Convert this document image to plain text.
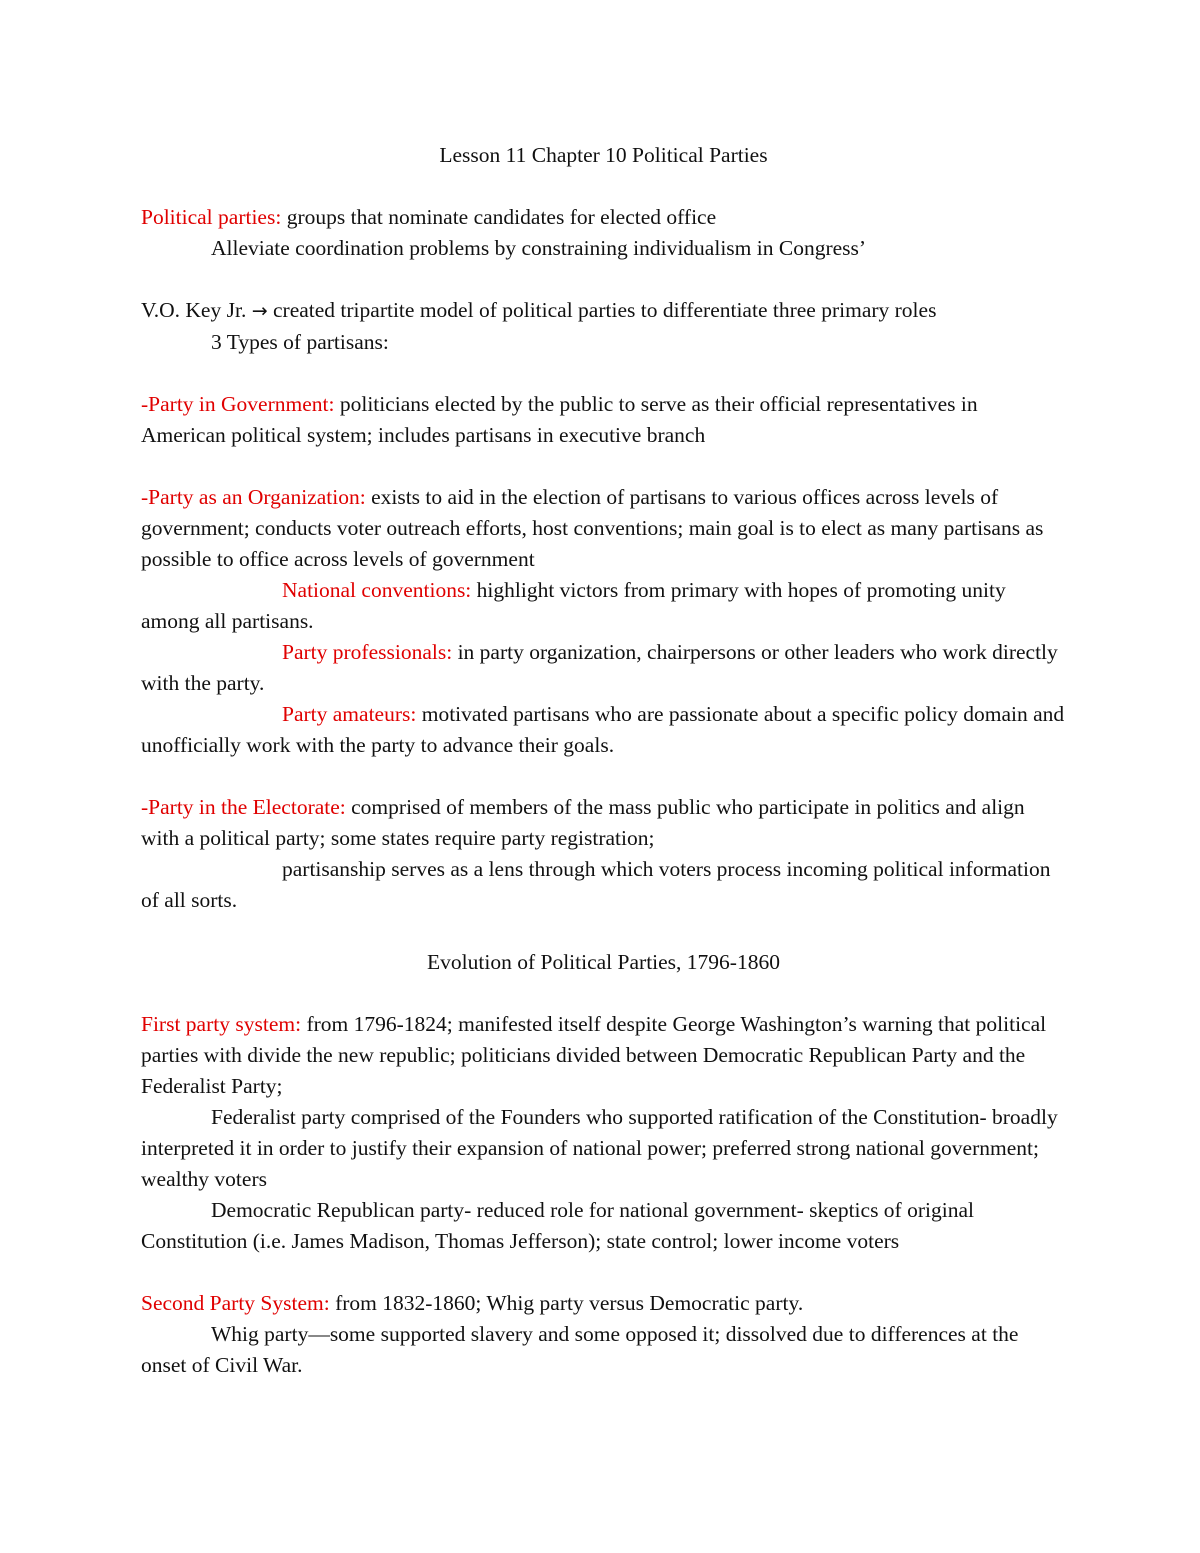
Lesson 11 Chapter 10 Political Parties

Political parties: groups that nominate candidates for elected office

Alleviate coordination problems by constraining individualism in Congress’

V.O. Key Jr. → created tripartite model of political parties to differentiate three primary roles

3 Types of partisans:

-Party in Government: politicians elected by the public to serve as their official representatives in American political system; includes partisans in executive branch

-Party as an Organization: exists to aid in the election of partisans to various offices across levels of government; conducts voter outreach efforts, host conventions; main goal is to elect as many partisans as possible to office across levels of government

National conventions: highlight victors from primary with hopes of promoting unity among all partisans.

Party professionals: in party organization, chairpersons or other leaders who work directly with the party.

Party amateurs: motivated partisans who are passionate about a specific policy domain and unofficially work with the party to advance their goals.

-Party in the Electorate: comprised of members of the mass public who participate in politics and align with a political party; some states require party registration;

partisanship serves as a lens through which voters process incoming political information of all sorts.

Evolution of Political Parties, 1796-1860

First party system: from 1796-1824; manifested itself despite George Washington’s warning that political parties with divide the new republic; politicians divided between Democratic Republican Party and the Federalist Party;

Federalist party comprised of the Founders who supported ratification of the Constitution- broadly interpreted it in order to justify their expansion of national power; preferred strong national government; wealthy voters

Democratic Republican party- reduced role for national government- skeptics of original Constitution (i.e. James Madison, Thomas Jefferson); state control; lower income voters

Second Party System: from 1832-1860; Whig party versus Democratic party.

Whig party—some supported slavery and some opposed it; dissolved due to differences at the onset of Civil War.
